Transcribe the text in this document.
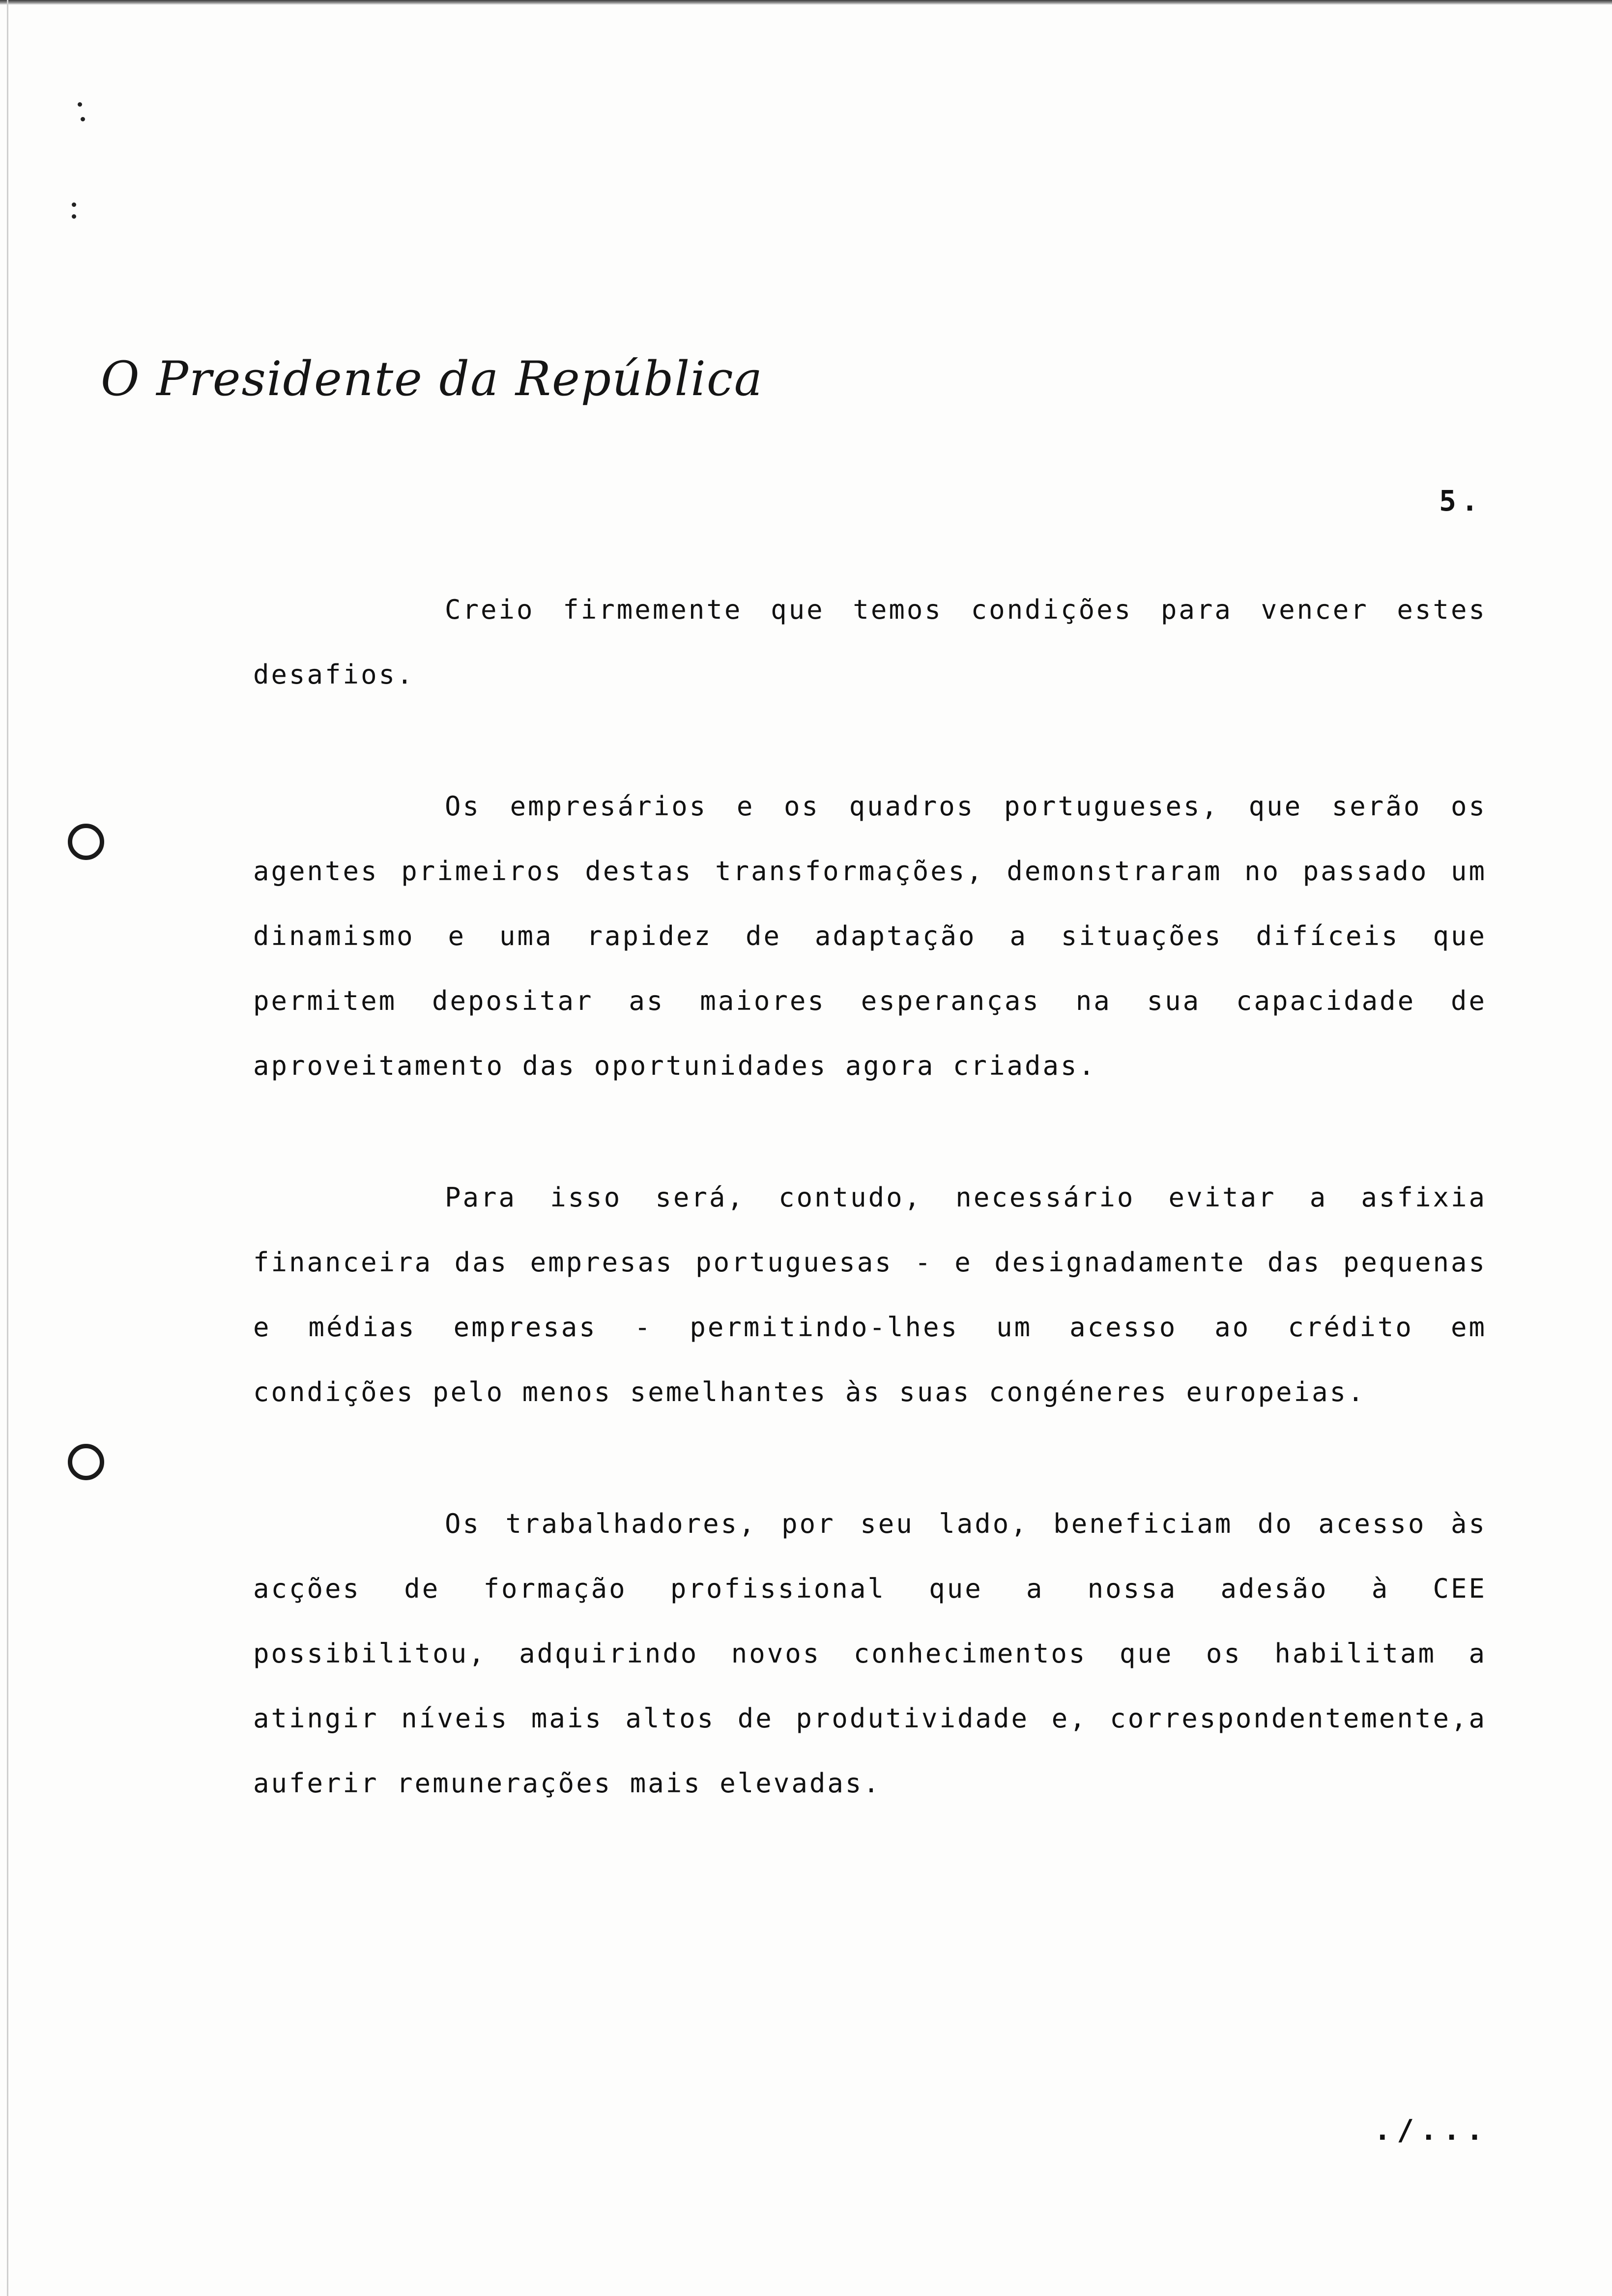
O Presidente da República
5.

Creio firmemente que temos condições para vencer estes desafios.

Os empresários e os quadros portugueses, que serão os agentes primeiros destas transformações, demonstraram no passado um dinamismo e uma rapidez de adaptação a situações difíceis que permitem depositar as maiores esperanças na sua capacidade de aproveitamento das oportunidades agora criadas.

Para isso será, contudo, necessário evitar a asfixia financeira das empresas portuguesas - e designadamente das pequenas e médias empresas - permitindo-lhes um acesso ao crédito em condições pelo menos semelhantes às suas congéneres europeias.

Os trabalhadores, por seu lado, beneficiam do acesso às acções de formação profissional que a nossa adesão à CEE possibilitou, adquirindo novos conhecimentos que os habilitam a atingir níveis mais altos de produtividade e, correspondentemente,a auferir remunerações mais elevadas.

./...
